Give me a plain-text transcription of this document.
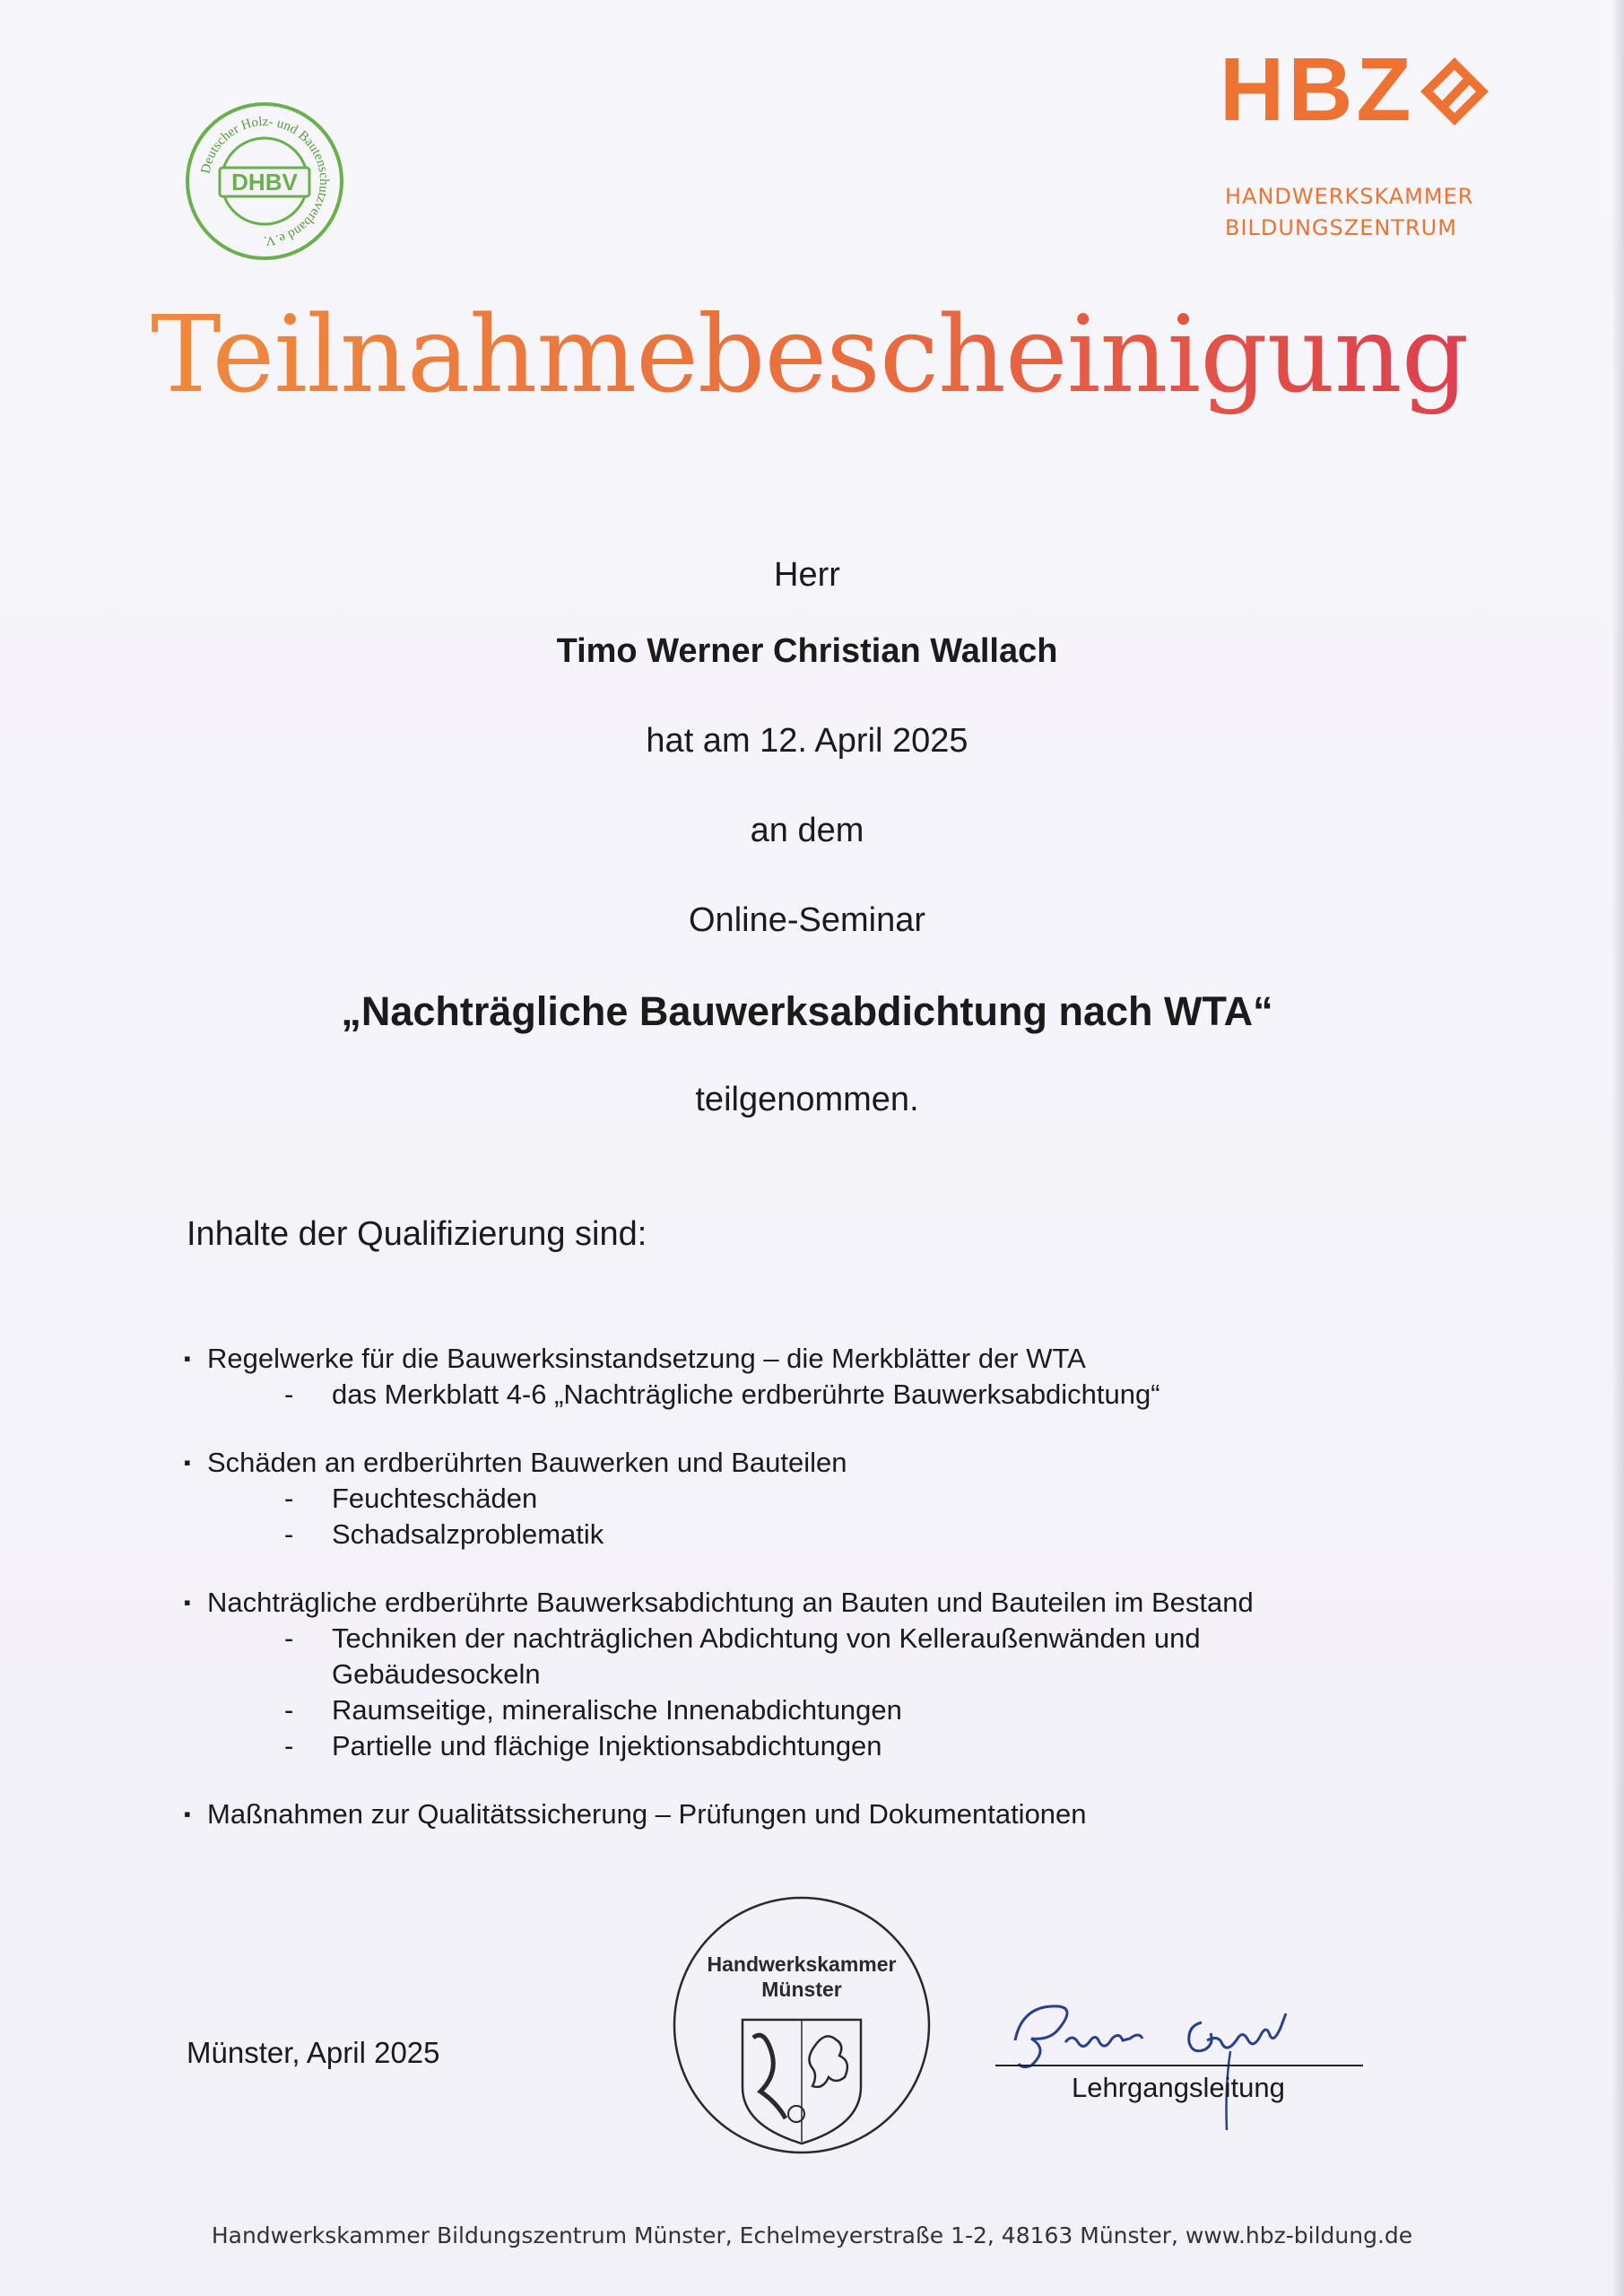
Deutscher Holz- und Bautenschutzverband e.V.
DHBV
HBZ
HANDWERKSKAMMER
BILDUNGSZENTRUM
Teilnahmebescheinigung
Herr
Timo Werner Christian Wallach
hat am 12. April 2025
an dem
Online-Seminar
„Nachträgliche Bauwerksabdichtung nach WTA“
teilgenommen.
Inhalte der Qualifizierung sind:
▪ Regelwerke für die Bauwerksinstandsetzung – die Merkblätter der WTA
- das Merkblatt 4-6 „Nachträgliche erdberührte Bauwerksabdichtung“
▪ Schäden an erdberührten Bauwerken und Bauteilen
- Feuchteschäden
- Schadsalzproblematik
▪ Nachträgliche erdberührte Bauwerksabdichtung an Bauten und Bauteilen im Bestand
- Techniken der nachträglichen Abdichtung von Kelleraußenwänden und
Gebäudesockeln
- Raumseitige, mineralische Innenabdichtungen
- Partielle und flächige Injektionsabdichtungen
▪ Maßnahmen zur Qualitätssicherung – Prüfungen und Dokumentationen
Münster, April 2025
Handwerkskammer
Münster
Lehrgangsleitung
Handwerkskammer Bildungszentrum Münster, Echelmeyerstraße 1-2, 48163 Münster, www.hbz-bildung.de
